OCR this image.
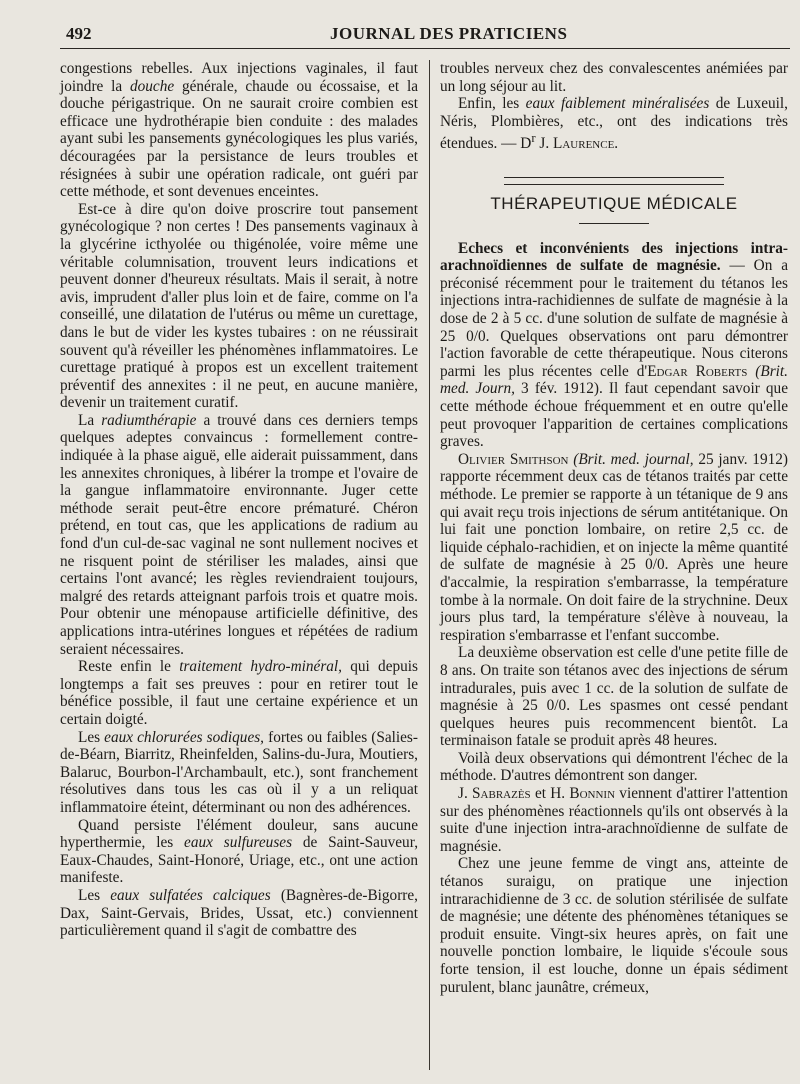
492	JOURNAL DES PRATICIENS

congestions rebelles. Aux injections vaginales, il faut joindre la douche générale, chaude ou écossaise, et la douche périgastrique. On ne saurait croire combien est efficace une hydrothérapie bien conduite : des malades ayant subi les pansements gynécologiques les plus variés, découragées par la persistance de leurs troubles et résignées à subir une opération radicale, ont guéri par cette méthode, et sont devenues enceintes.

Est-ce à dire qu'on doive proscrire tout pansement gynécologique ? non certes ! Des pansements vaginaux à la glycérine icthyolée ou thigénolée, voire même une véritable columnisation, trouvent leurs indications et peuvent donner d'heureux résultats. Mais il serait, à notre avis, imprudent d'aller plus loin et de faire, comme on l'a conseillé, une dilatation de l'utérus ou même un curettage, dans le but de vider les kystes tubaires : on ne réussirait souvent qu'à réveiller les phénomènes inflammatoires. Le curettage pratiqué à propos est un excellent traitement préventif des annexites : il ne peut, en aucune manière, devenir un traitement curatif.

La radiumthérapie a trouvé dans ces derniers temps quelques adeptes convaincus : formellement contre-indiquée à la phase aiguë, elle aiderait puissamment, dans les annexites chroniques, à libérer la trompe et l'ovaire de la gangue inflammatoire environnante. Juger cette méthode serait peut-être encore prématuré. Chéron prétend, en tout cas, que les applications de radium au fond d'un cul-de-sac vaginal ne sont nullement nocives et ne risquent point de stériliser les malades, ainsi que certains l'ont avancé; les règles reviendraient toujours, malgré des retards atteignant parfois trois et quatre mois. Pour obtenir une ménopause artificielle définitive, des applications intra-utérines longues et répétées de radium seraient nécessaires.

Reste enfin le traitement hydro-minéral, qui depuis longtemps a fait ses preuves : pour en retirer tout le bénéfice possible, il faut une certaine expérience et un certain doigté.

Les eaux chlorurées sodiques, fortes ou faibles (Salies-de-Béarn, Biarritz, Rheinfelden, Salins-du-Jura, Moutiers, Balaruc, Bourbon-l'Archambault, etc.), sont franchement résolutives dans tous les cas où il y a un reliquat inflammatoire éteint, déterminant ou non des adhérences.

Quand persiste l'élément douleur, sans aucune hyperthermie, les eaux sulfureuses de Saint-Sauveur, Eaux-Chaudes, Saint-Honoré, Uriage, etc., ont une action manifeste.

Les eaux sulfatées calciques (Bagnères-de-Bigorre, Dax, Saint-Gervais, Brides, Ussat, etc.) conviennent particulièrement quand il s'agit de combattre des

troubles nerveux chez des convalescentes anémiées par un long séjour au lit.

Enfin, les eaux faiblement minéralisées de Luxeuil, Néris, Plombières, etc., ont des indications très étendues. — $D^r$ J. Laurence.

THÉRAPEUTIQUE MÉDICALE

Echecs et inconvénients des injections intra-arachnoïdiennes de sulfate de magnésie. — On a préconisé récemment pour le traitement du tétanos les injections intra-rachidiennes de sulfate de magnésie à la dose de 2 à 5 cc. d'une solution de sulfate de magnésie à 25 0/0. Quelques observations ont paru démontrer l'action favorable de cette thérapeutique. Nous citerons parmi les plus récentes celle d'Edgar Roberts (Brit. med. Journ, 3 fév. 1912). Il faut cependant savoir que cette méthode échoue fréquemment et en outre qu'elle peut provoquer l'apparition de certaines complications graves.

Olivier Smithson (Brit. med. journal, 25 janv. 1912) rapporte récemment deux cas de tétanos traités par cette méthode. Le premier se rapporte à un tétanique de 9 ans qui avait reçu trois injections de sérum antitétanique. On lui fait une ponction lombaire, on retire 2,5 cc. de liquide céphalo-rachidien, et on injecte la même quantité de sulfate de magnésie à 25 0/0. Après une heure d'accalmie, la respiration s'embarrasse, la température tombe à la normale. On doit faire de la strychnine. Deux jours plus tard, la température s'élève à nouveau, la respiration s'embarrasse et l'enfant succombe.

La deuxième observation est celle d'une petite fille de 8 ans. On traite son tétanos avec des injections de sérum intradurales, puis avec 1 cc. de la solution de sulfate de magnésie à 25 0/0. Les spasmes ont cessé pendant quelques heures puis recommencent bientôt. La terminaison fatale se produit après 48 heures.

Voilà deux observations qui démontrent l'échec de la méthode. D'autres démontrent son danger.

J. Sabrazès et H. Bonnin viennent d'attirer l'attention sur des phénomènes réactionnels qu'ils ont observés à la suite d'une injection intra-arachnoïdienne de sulfate de magnésie.

Chez une jeune femme de vingt ans, atteinte de tétanos suraigu, on pratique une injection intrarachidienne de 3 cc. de solution stérilisée de sulfate de magnésie; une détente des phénomènes tétaniques se produit ensuite. Vingt-six heures après, on fait une nouvelle ponction lombaire, le liquide s'écoule sous forte tension, il est louche, donne un épais sédiment purulent, blanc jaunâtre, crémeux,
